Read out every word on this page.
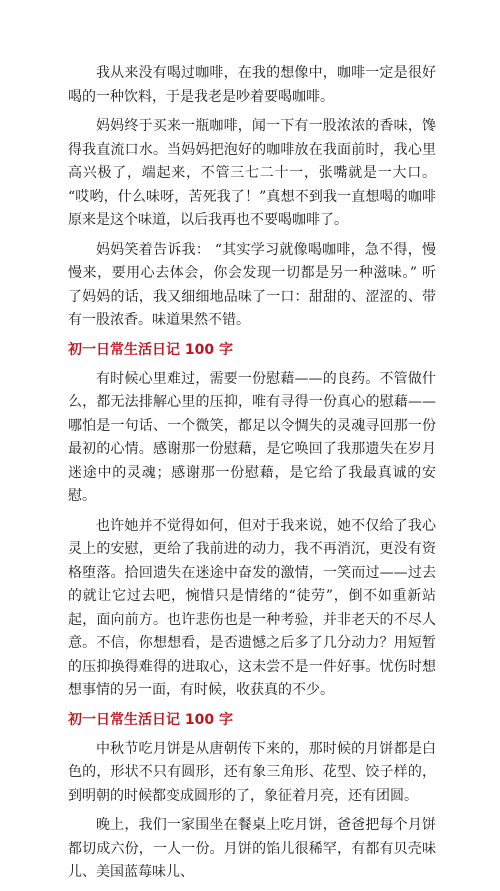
我从来没有喝过咖啡，在我的想像中，咖啡一定是很好喝的一种饮料，于是我老是吵着要喝咖啡。

妈妈终于买来一瓶咖啡，闻一下有一股浓浓的香味，馋得我直流口水。当妈妈把泡好的咖啡放在我面前时，我心里高兴极了，端起来，不管三七二十一，张嘴就是一大口。 “哎哟，什么味呀，苦死我了！”真想不到我一直想喝的咖啡原来是这个味道，以后我再也不要喝咖啡了。

妈妈笑着告诉我： “其实学习就像喝咖啡，急不得，慢慢来，要用心去体会，你会发现一切都是另一种滋味。” 听了妈妈的话，我又细细地品味了一口：甜甜的、涩涩的、带有一股浓香。味道果然不错。

初一日常生活日记 100 字

有时候心里难过，需要一份慰藉——的良药。不管做什么，都无法排解心里的压抑，唯有寻得一份真心的慰藉——哪怕是一句话、一个微笑，都足以令惆失的灵魂寻回那一份最初的心情。感谢那一份慰藉，是它唤回了我那遗失在岁月迷途中的灵魂；感谢那一份慰藉，是它给了我最真诚的安慰。

也许她并不觉得如何，但对于我来说，她不仅给了我心灵上的安慰，更给了我前进的动力，我不再消沉，更没有资格堕落。拾回遗失在迷途中奋发的激情，一笑而过——过去的就让它过去吧，惋惜只是情绪的“徒劳”，倒不如重新站起，面向前方。也许悲伤也是一种考验，并非老天的不尽人意。不信，你想想看，是否遗憾之后多了几分动力？用短暂的压抑换得难得的进取心，这未尝不是一件好事。忧伤时想想事情的另一面，有时候，收获真的不少。

初一日常生活日记 100 字

中秋节吃月饼是从唐朝传下来的，那时候的月饼都是白色的，形状不只有圆形，还有象三角形、花型、饺子样的，到明朝的时候都变成圆形的了，象征着月亮，还有团圆。

晚上，我们一家围坐在餐桌上吃月饼，爸爸把每个月饼都切成六份，一人一份。月饼的馅儿很稀罕，有都有贝壳味儿、美国蓝莓味儿、
